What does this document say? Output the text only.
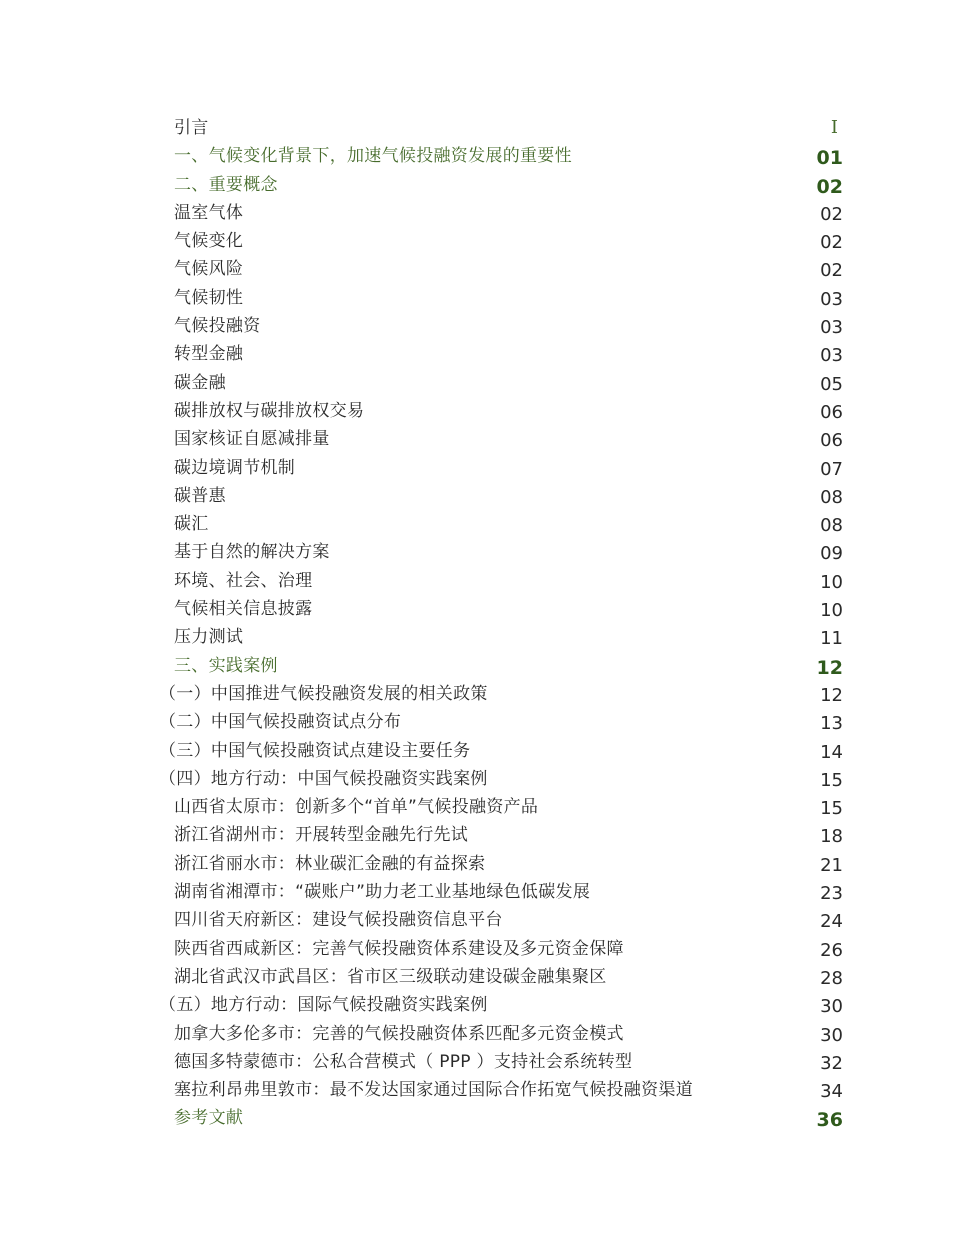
引言	I
一、气候变化背景下，加速气候投融资发展的重要性	01
二、重要概念	02
温室气体	02
气候变化	02
气候风险	02
气候韧性	03
气候投融资	03
转型金融	03
碳金融	05
碳排放权与碳排放权交易	06
国家核证自愿减排量	06
碳边境调节机制	07
碳普惠	08
碳汇	08
基于自然的解决方案	09
环境、社会、治理	10
气候相关信息披露	10
压力测试	11
三、实践案例	12
（一）中国推进气候投融资发展的相关政策	12
（二）中国气候投融资试点分布	13
（三）中国气候投融资试点建设主要任务	14
（四）地方行动：中国气候投融资实践案例	15
山西省太原市：创新多个“首单”气候投融资产品	15
浙江省湖州市：开展转型金融先行先试	18
浙江省丽水市：林业碳汇金融的有益探索	21
湖南省湘潭市：“碳账户”助力老工业基地绿色低碳发展	23
四川省天府新区：建设气候投融资信息平台	24
陕西省西咸新区：完善气候投融资体系建设及多元资金保障	26
湖北省武汉市武昌区：省市区三级联动建设碳金融集聚区	28
（五）地方行动：国际气候投融资实践案例	30
加拿大多伦多市：完善的气候投融资体系匹配多元资金模式	30
德国多特蒙德市：公私合营模式（ PPP ）支持社会系统转型	32
塞拉利昂弗里敦市：最不发达国家通过国际合作拓宽气候投融资渠道	34
参考文献	36
